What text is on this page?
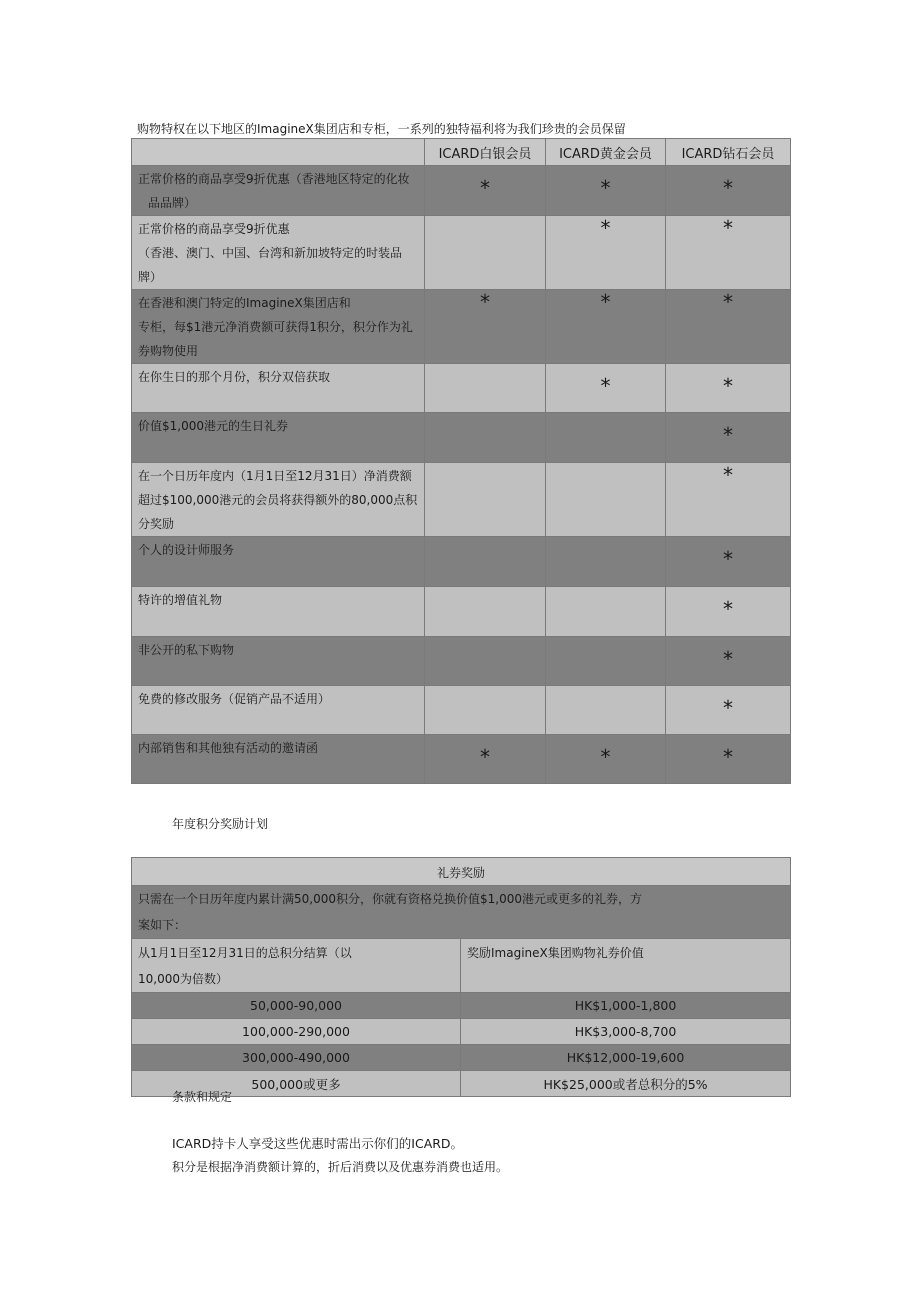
购物特权在以下地区的ImagineX集团店和专柜，一系列的独特福利将为我们珍贵的会员保留
	ICARD白银会员	ICARD黄金会员	ICARD钻石会员

正常价格的商品享受9折优惠（香港地区特定的化妆
品品牌）	*	*	*

正常价格的商品享受9折优惠
（香港、澳门、中国、台湾和新加坡特定的时装品
牌）		*	*

在香港和澳门特定的ImagineX集团店和
专柜，每$1港元净消费额可获得1积分，积分作为礼
券购物使用	*	*	*

在你生日的那个月份，积分双倍获取		*	*

价值$1,000港元的生日礼券			*

在一个日历年度内（1月1日至12月31日）净消费额
超过$100,000港元的会员将获得额外的80,000点积
分奖励			*

个人的设计师服务			*

特许的增值礼物			*

非公开的私下购物			*

免费的修改服务（促销产品不适用）			*

内部销售和其他独有活动的邀请函	*	*	*
年度积分奖励计划
礼券奖励	

只需在一个日历年度内累计满50,000积分，你就有资格兑换价值$1,000港元或更多的礼券，方
案如下：	

从1月1日至12月31日的总积分结算（以
10,000为倍数）	奖励ImagineX集团购物礼券价值
50,000-90,000	HK$1,000-1,800
100,000-290,000	HK$3,000-8,700
300,000-490,000	HK$12,000-19,600
500,000或更多	HK$25,000或者总积分的5%
条款和规定
ICARD持卡人享受这些优惠时需出示你们的ICARD。
积分是根据净消费额计算的，折后消费以及优惠券消费也适用。
